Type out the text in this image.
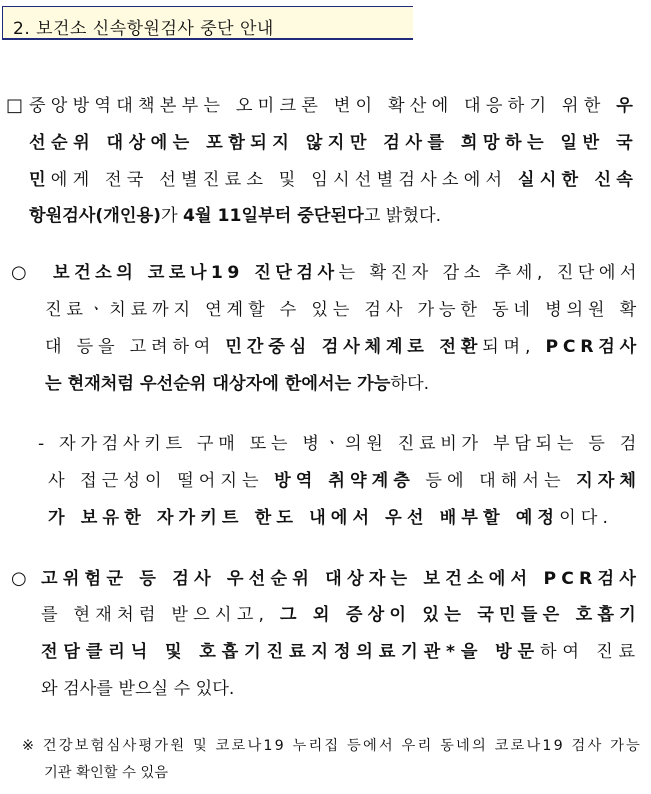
2. 보건소 신속항원검사 중단 안내
□ 중앙방역대책본부는 오미크론 변이 확산에 대응하기 위한 우
선순위 대상에는 포함되지 않지만 검사를 희망하는 일반 국
민에게 전국 선별진료소 및 임시선별검사소에서 실시한 신속
항원검사(개인용)가 4월 11일부터 중단된다고 밝혔다.
○ 보건소의 코로나19 진단검사는 확진자 감소 추세, 진단에서
진료ㆍ치료까지 연계할 수 있는 검사 가능한 동네 병의원 확
대 등을 고려하여 민간중심 검사체계로 전환되며, PCR검사
는 현재처럼 우선순위 대상자에 한에서는 가능하다.
- 자가검사키트 구매 또는 병ㆍ의원 진료비가 부담되는 등 검
사 접근성이 떨어지는 방역 취약계층 등에 대해서는 지자체
가 보유한 자가키트 한도 내에서 우선 배부할 예정이다.
○ 고위험군 등 검사 우선순위 대상자는 보건소에서 PCR검사
를 현재처럼 받으시고, 그 외 증상이 있는 국민들은 호흡기
전담클리닉 및 호흡기진료지정의료기관*을 방문하여 진료
와 검사를 받으실 수 있다.
※ 건강보험심사평가원 및 코로나19 누리집 등에서 우리 동네의 코로나19 검사 가능
기관 확인할 수 있음
